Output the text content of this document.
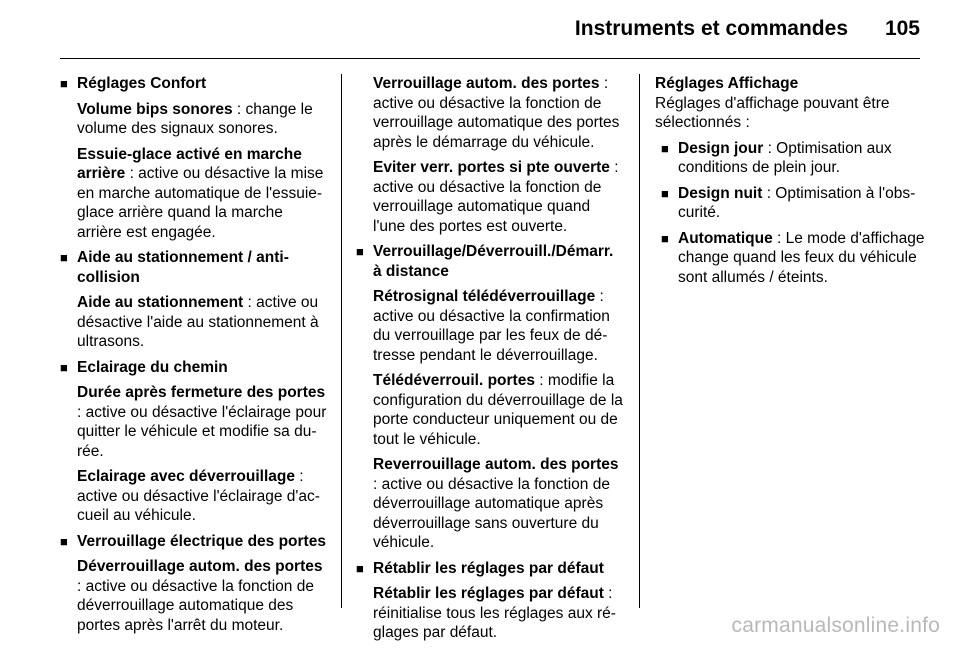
Instruments et commandes 105
■ Réglages Confort

Volume bips sonores : change le volume des signaux sonores.

Essuie-glace activé en marche arrière : active ou désactive la mise en marche automatique de l'essuie-glace arrière quand la marche arrière est engagée.

■ Aide au stationnement / anti-collision

Aide au stationnement : active ou désactive l'aide au stationnement à ultrasons.

■ Eclairage du chemin

Durée après fermeture des portes : active ou désactive l'éclairage pour quitter le véhicule et modifie sa durée.

Eclairage avec déverrouillage : active ou désactive l'éclairage d'accueil au véhicule.

■ Verrouillage électrique des portes

Déverrouillage autom. des portes : active ou désactive la fonction de déverrouillage automatique des portes après l'arrêt du moteur.

Verrouillage autom. des portes : active ou désactive la fonction de verrouillage automatique des portes après le démarrage du véhicule.

Eviter verr. portes si pte ouverte : active ou désactive la fonction de verrouillage automatique quand l'une des portes est ouverte.

■ Verrouillage/Déverrouill./Démarr. à distance

Rétrosignal télédéverrouillage : active ou désactive la confirmation du verrouillage par les feux de détresse pendant le déverrouillage.

Télédéverrouil. portes : modifie la configuration du déverrouillage de la porte conducteur uniquement ou de tout le véhicule.

Reverrouillage autom. des portes : active ou désactive la fonction de déverrouillage automatique après déverrouillage sans ouverture du véhicule.

■ Rétablir les réglages par défaut

Rétablir les réglages par défaut : réinitialise tous les réglages aux réglages par défaut.

Réglages Affichage

Réglages d'affichage pouvant être sélectionnés :

■ Design jour : Optimisation aux conditions de plein jour.

■ Design nuit : Optimisation à l'obscurité.

■ Automatique : Le mode d'affichage change quand les feux du véhicule sont allumés / éteints.

carmanualsonline.info
